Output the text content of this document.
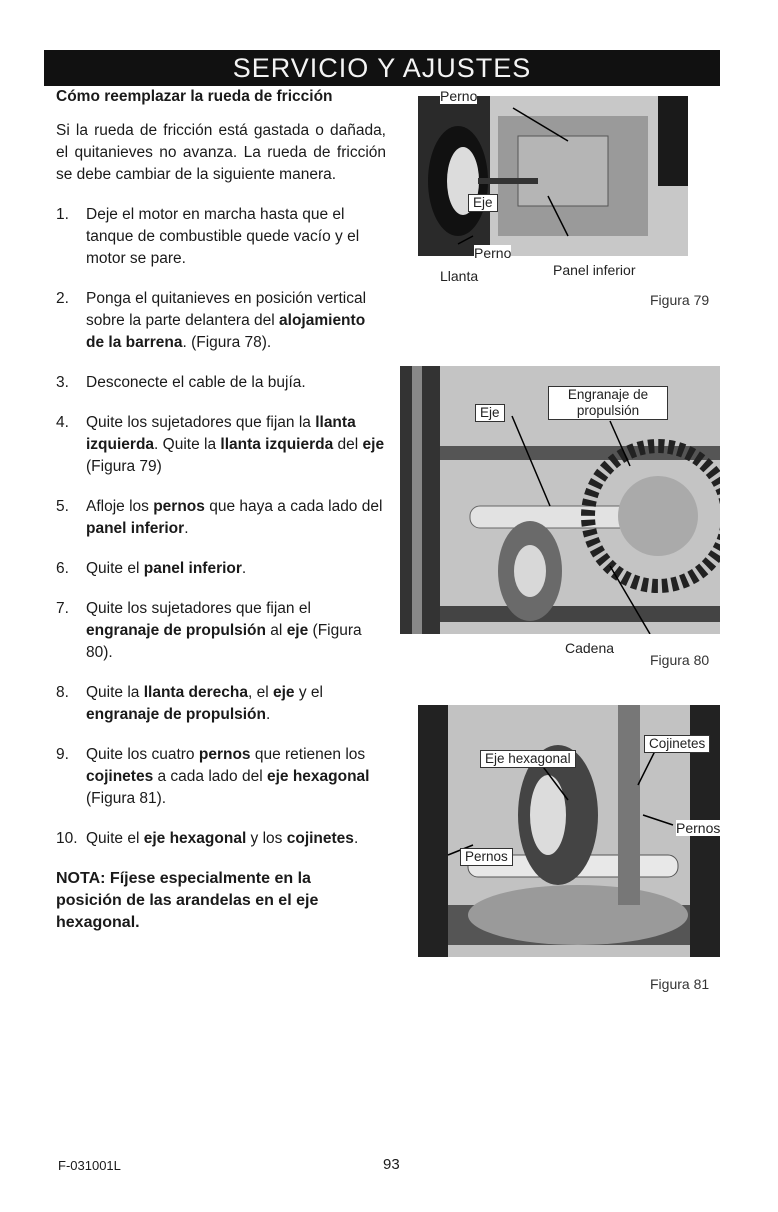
SERVICIO Y AJUSTES
Cómo reemplazar la rueda de fricción
Si la rueda de fricción está gastada o dañada, el quitanieves no avanza. La rueda de fricción se debe cambiar de la siguiente manera.
1.	Deje el motor en marcha hasta que el tanque de combustible quede vacío y el motor se pare.
2.	Ponga el quitanieves en posición vertical sobre la parte delantera del alojamiento de la barrena. (Figura 78).
3.	Desconecte el cable de la bujía.
4.	Quite los sujetadores que fijan la llanta izquierda. Quite la llanta izquierda del eje (Figura 79)
5.	Afloje los pernos que haya a cada lado del panel inferior.
6.	Quite el panel inferior.
7.	Quite los sujetadores que fijan el engranaje de propulsión al eje (Figura 80).
8.	Quite la llanta derecha, el eje y el engranaje de propulsión.
9.	Quite los cuatro pernos que retienen los cojinetes a cada lado del eje hexagonal (Figura 81).
10. Quite el eje hexagonal y los cojinetes.
NOTA: Fíjese especialmente en la posición de las arandelas en el eje hexagonal.
Eje
Perno
Perno
Llanta	Panel inferior
Figura 79
Eje
Engranaje de propulsión
Cadena
Figura 80
Eje hexagonal
Cojinetes
Pernos
Pernos
Figura 81
F-031001L	93
